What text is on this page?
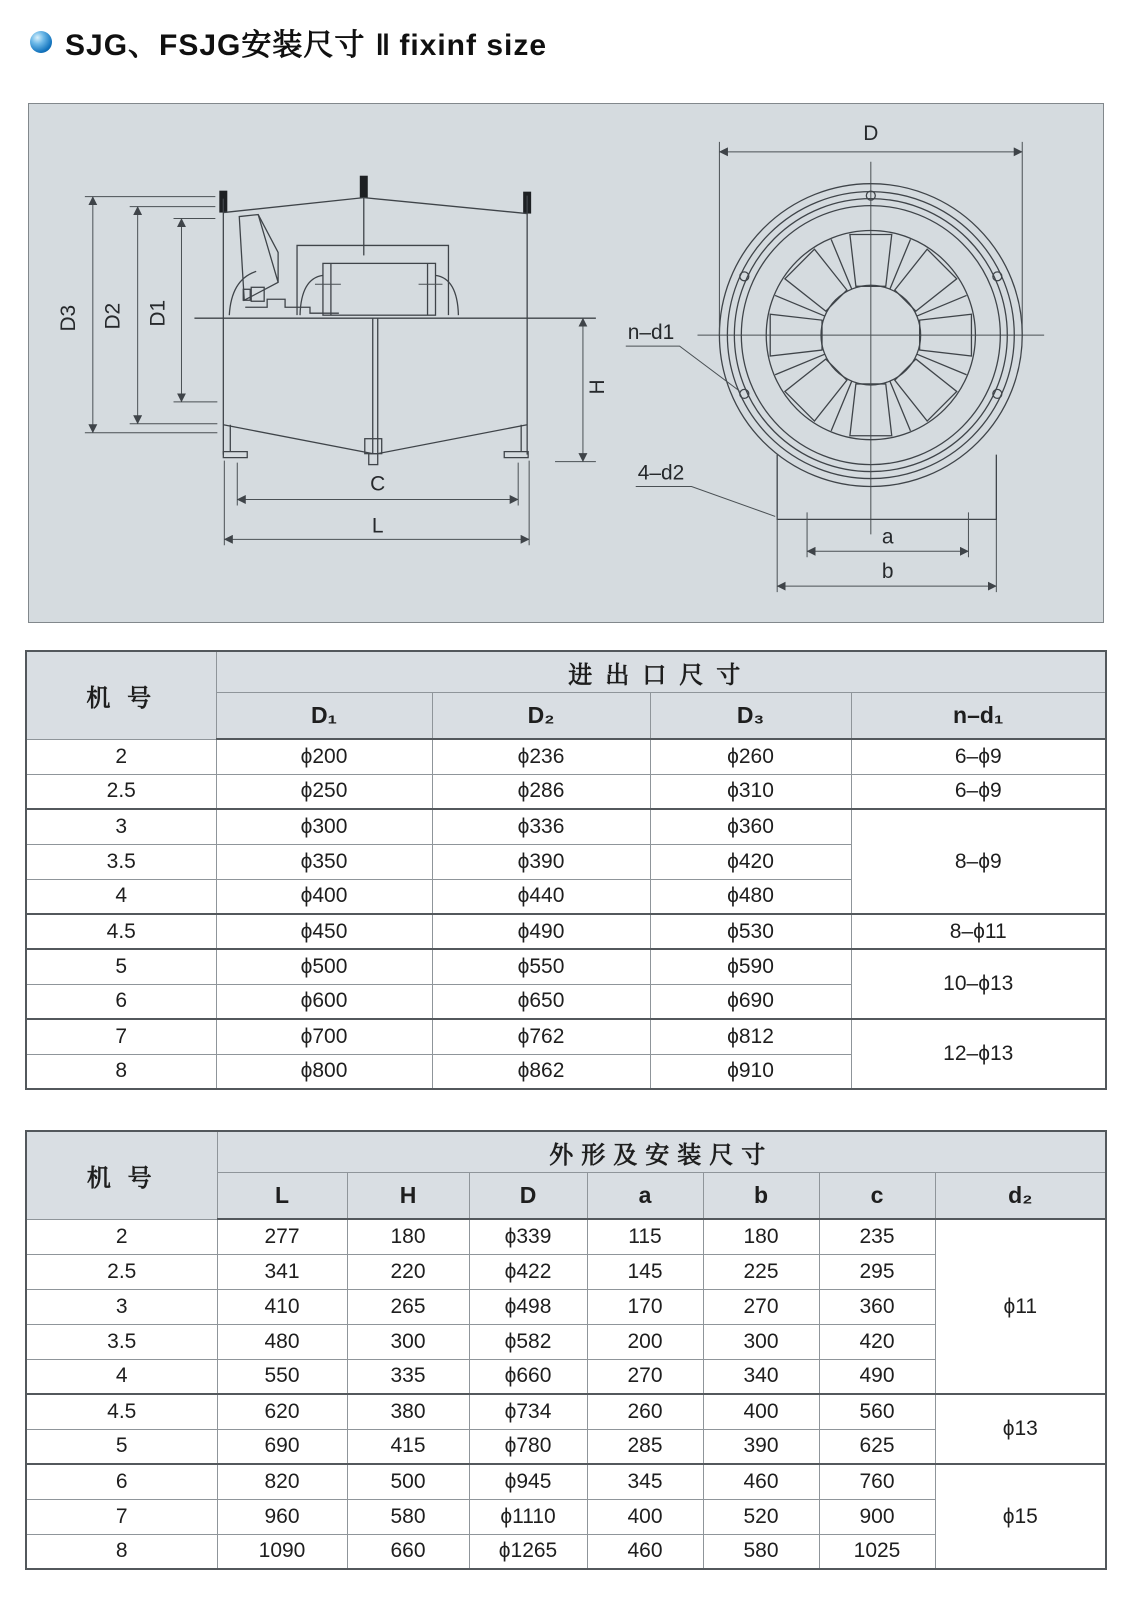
SJG、FSJG安装尺寸 ‖ fixinf size
D3 D2 D1
H
C
L
D
n–d1
4–d2
a
b
机 号	进出口尺寸			
	D₁	D₂	D₃	n–d₁
2	ϕ200	ϕ236	ϕ260	6–ϕ9
2.5	ϕ250	ϕ286	ϕ310	6–ϕ9
3	ϕ300	ϕ336	ϕ360	8–ϕ9
3.5	ϕ350	ϕ390	ϕ420	
4	ϕ400	ϕ440	ϕ480	
4.5	ϕ450	ϕ490	ϕ530	8–ϕ11
5	ϕ500	ϕ550	ϕ590	10–ϕ13
6	ϕ600	ϕ650	ϕ690	
7	ϕ700	ϕ762	ϕ812	12–ϕ13
8	ϕ800	ϕ862	ϕ910	
机 号	外形及安装尺寸						
	L	H	D	a	b	c	d₂
2	277	180	ϕ339	115	180	235	ϕ11
2.5	341	220	ϕ422	145	225	295	
3	410	265	ϕ498	170	270	360	
3.5	480	300	ϕ582	200	300	420	
4	550	335	ϕ660	270	340	490	
4.5	620	380	ϕ734	260	400	560	ϕ13
5	690	415	ϕ780	285	390	625	
6	820	500	ϕ945	345	460	760	ϕ15
7	960	580	ϕ1110	400	520	900	
8	1090	660	ϕ1265	460	580	1025	
